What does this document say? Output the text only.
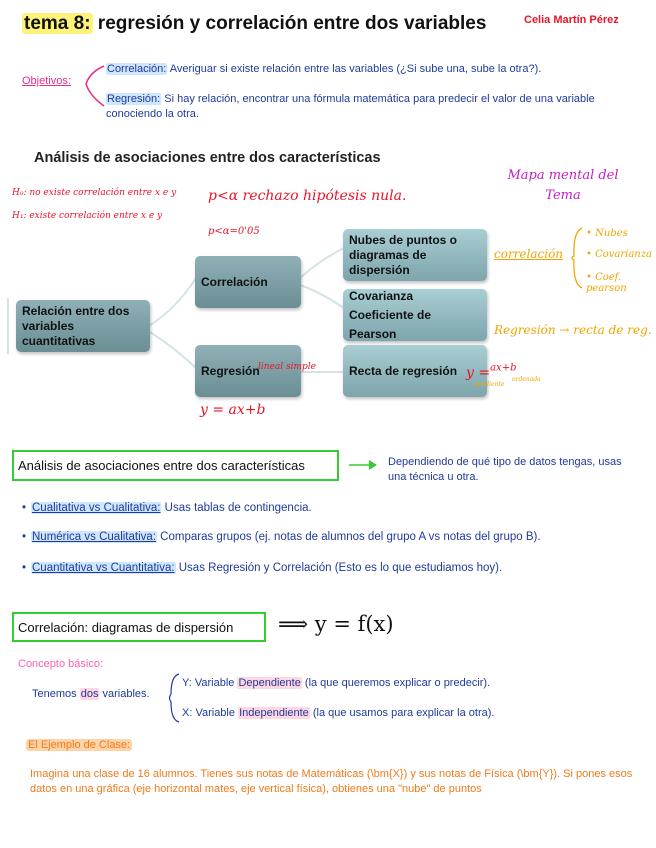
tema 8: regresión y correlación entre dos variables	Celia Martín Pérez
Objetivos:
Correlación: Averiguar si existe relación entre las variables (¿Si sube una, sube la otra?).
Regresión: Si hay relación, encontrar una fórmula matemática para predecir el valor de una variable conociendo la otra.
Análisis de asociaciones entre dos características
H₀: no existe correlación entre x e y
H₁: existe correlación entre x e y
p<α rechazo hipótesis nula.
p<α=0'05
Relación entre dos variables cuantitativas
Correlación
Regresión
Nubes de puntos o diagramas de dispersión
Covarianza
Coeficiente de Pearson
Recta de regresión
lineal simple
y = ax+b
y =$^{ax+b}$
pendiente
ordenada
Mapa mental del Tema
correlación
• Nubes
• Covarianza
• Coef. pearson
Regresión → recta de reg.
Análisis de asociaciones entre dos características	Dependiendo de qué tipo de datos tengas, usas una técnica u otra.
• Cualitativa vs Cualitativa: Usas tablas de contingencia.
• Numérica vs Cualitativa: Comparas grupos (ej. notas de alumnos del grupo A vs notas del grupo B).
• Cuantitativa vs Cuantitativa: Usas Regresión y Correlación (Esto es lo que estudiamos hoy).
Correlación: diagramas de dispersión	⟹ y = f(x)
Concepto básico:
Tenemos dos variables.
Y: Variable Dependiente (la que queremos explicar o predecir).
X: Variable Independiente (la que usamos para explicar la otra).
El Ejemplo de Clase:
Imagina una clase de 16 alumnos. Tienes sus notas de Matemáticas (\bm{X}) y sus notas de Física (\bm{Y}). Si pones esos datos en una gráfica (eje horizontal mates, eje vertical física), obtienes una "nube" de puntos
